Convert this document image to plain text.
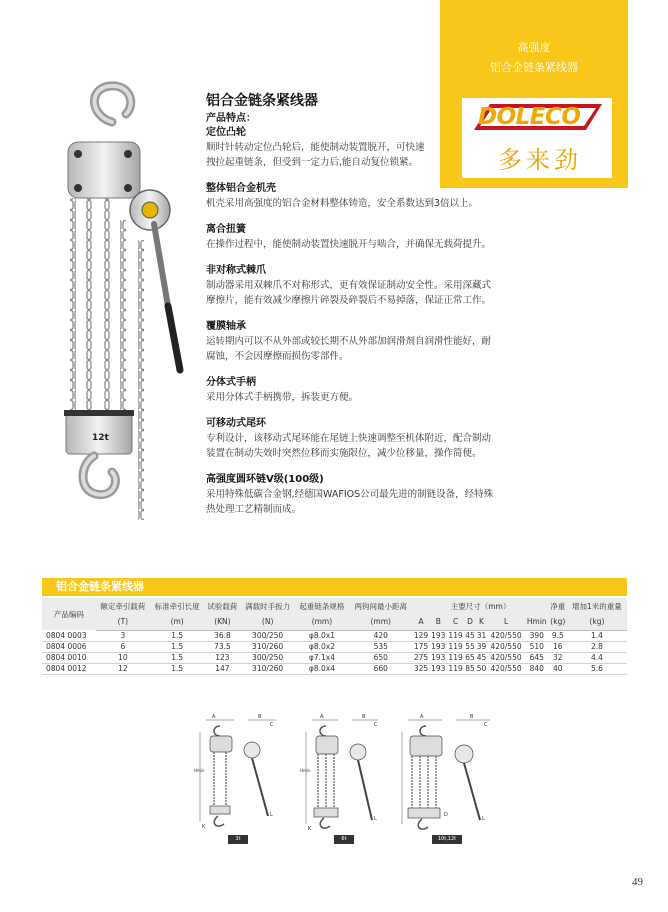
高强度
铝合金链条紧线器
DOLECO
多来劲
12t
铝合金链条紧线器
产品特点：
定位凸轮
顺时针转动定位凸轮后，能使制动装置脱开，可快速
拽拉起重链条，但受到一定力后,能自动复位锁紧。
整体铝合金机壳
机壳采用高强度的铝合金材料整体铸造，安全系数达到3倍以上。
离合扭簧
在操作过程中，能使制动装置快速脱开与啮合，并确保无载荷提升。
非对称式棘爪
制动器采用双棘爪不对称形式，更有效保证制动安全性。采用深藏式
摩擦片，能有效减少摩擦片碎裂及碎裂后不易掉落，保证正常工作。
覆膜轴承
运转期内可以不从外部或较长期不从外部加润滑剂自润滑性能好，耐
腐蚀，不会因摩擦而损伤零部件。
分体式手柄
采用分体式手柄携带，拆装更方便。
可移动式尾环
专利设计，该移动式尾环能在尾链上快速调整至机体附近，配合制动
装置在制动失效时突然位移而实施限位，减少位移量，操作简便。
高强度圆环链V级(100级)
采用特殊低碳合金钢,经德国WAFIOS公司最先进的制链设备，经特殊
热处理工艺精制而成。
铝合金链条紧线器
产品编码	额定牵引载荷	标准牵引长度	试验载荷	满载时手扳力	起重链条规格	两钩间最小距离	主要尺寸（mm）							净重	增加1米的重量
	(T)	(m)	(KN)	(N)	(mm)	(mm)	A	B	C	D	K	L	Hmin	(kg)	(kg)
0804 0003	3	1.5	36.8	300/250	φ8.0x1	420	129	193	119	45	31	420/550	390	9.5	1.4
0804 0006	6	1.5	73.5	310/260	φ8.0x2	535	175	193	119	55	39	420/550	510	16	2.8
0804 0010	10	1.5	123	300/250	φ7.1x4	650	275	193	119	65	45	420/550	645	32	4.4
0804 0012	12	1.5	147	310/260	φ8.0x4	660	325	193	119	85	50	420/550	840	40	5.6
A	B
C
Hmin
K
L
3t
A	B
C
Hmin
K
L
6t
A	B
C
D
L
10t,12t
49
